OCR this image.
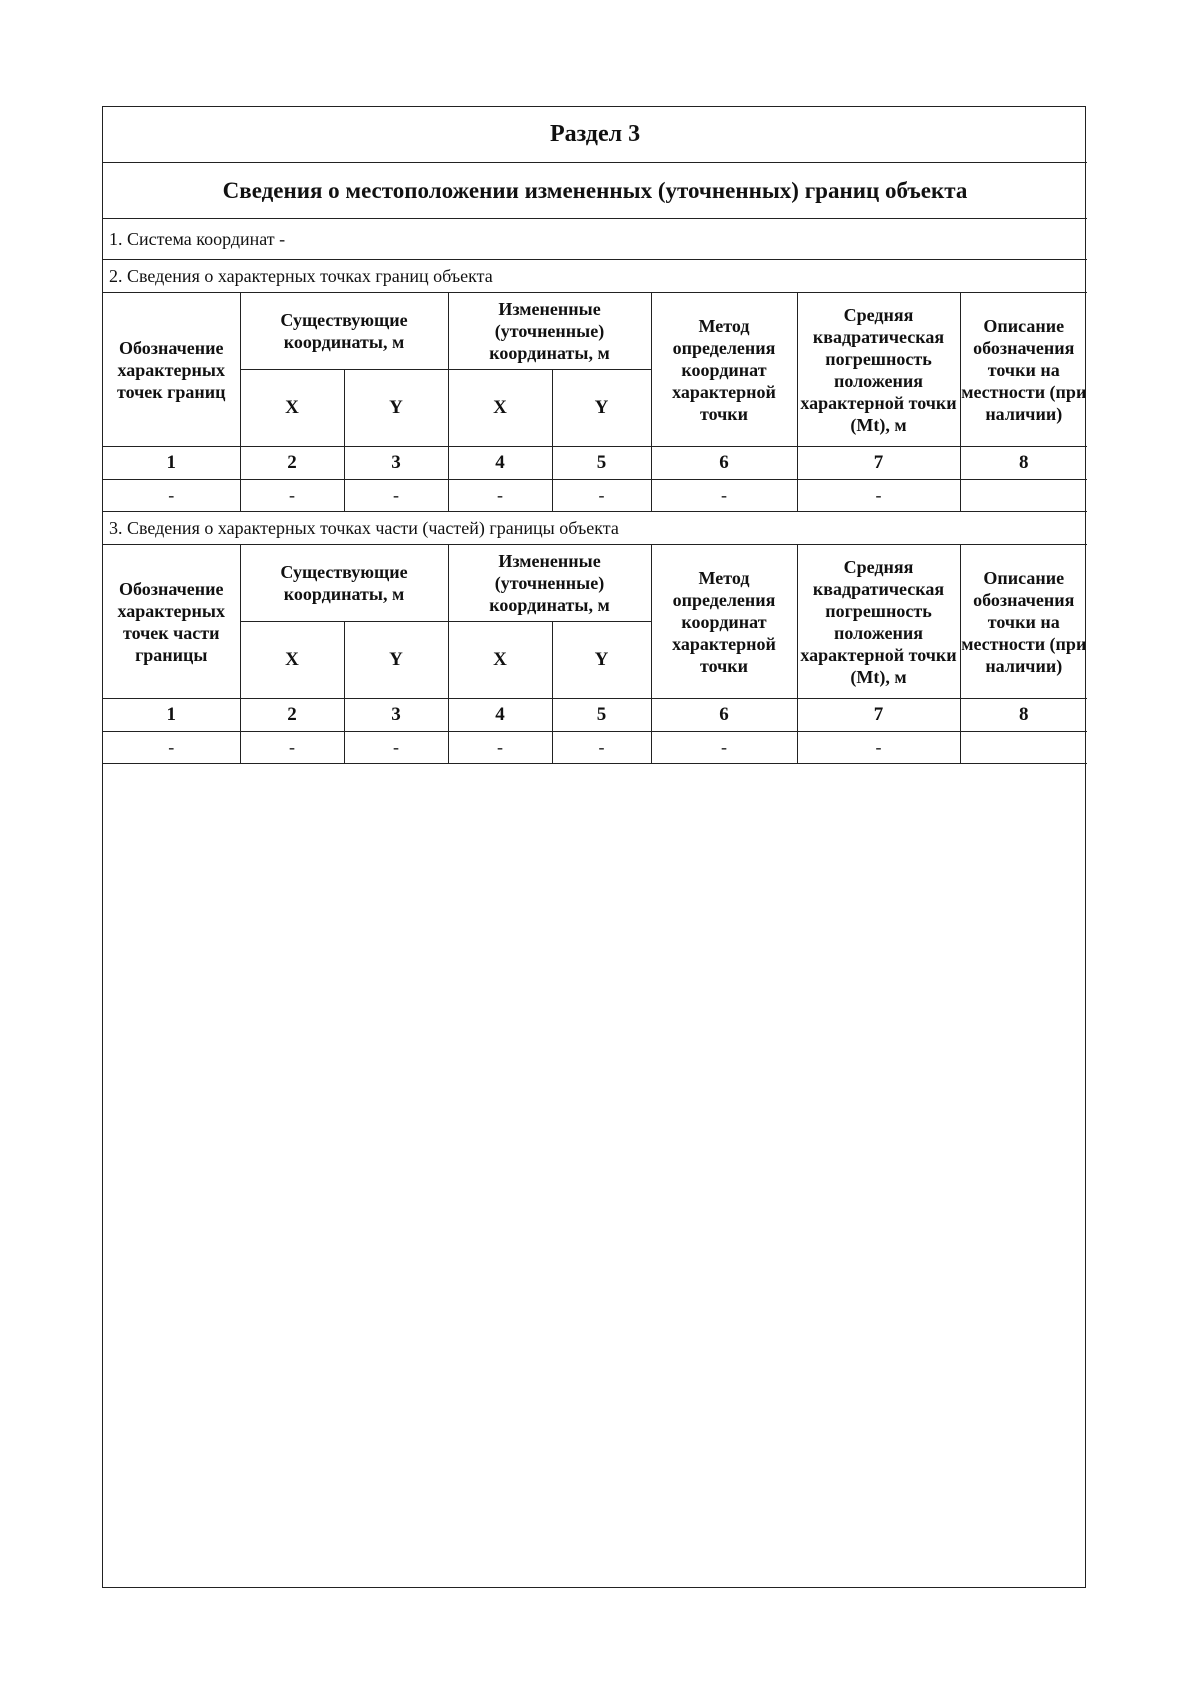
Раздел 3							
Сведения о местоположении измененных (уточненных) границ объекта							
1. Система координат -							
2. Сведения о характерных точках границ объекта							
Обозначение характерных точек границ	Существующие координаты, м		Измененные (уточненные) координаты, м		Метод определения координат характерной точки	Средняя квадратическая погрешность положения характерной точки (Mt), м	Описание обозначения точки на местности (при наличии)
	X	Y	X	Y			
1	2	3	4	5	6	7	8
-	-	-	-	-	-	-	
3. Сведения о характерных точках части (частей) границы объекта							
Обозначение характерных точек части границы	Существующие координаты, м		Измененные (уточненные) координаты, м		Метод определения координат характерной точки	Средняя квадратическая погрешность положения характерной точки (Mt), м	Описание обозначения точки на местности (при наличии)
	X	Y	X	Y			
1	2	3	4	5	6	7	8
-	-	-	-	-	-	-	
